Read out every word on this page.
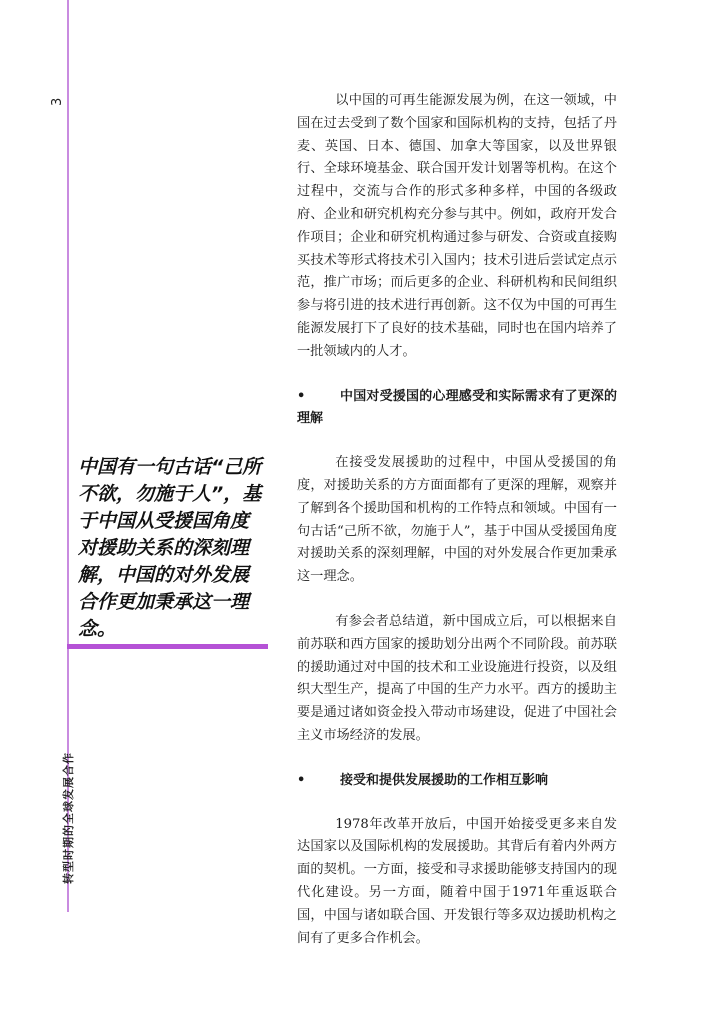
3
转型时期的全球发展合作
中国有一句古话“己所不欲，勿施于人”，基于中国从受援国角度对援助关系的深刻理解，中国的对外发展合作更加秉承这一理念。

以中国的可再生能源发展为例，在这一领域，中国在过去受到了数个国家和国际机构的支持，包括了丹麦、英国、日本、德国、加拿大等国家，以及世界银行、全球环境基金、联合国开发计划署等机构。在这个过程中，交流与合作的形式多种多样，中国的各级政府、企业和研究机构充分参与其中。例如，政府开发合作项目；企业和研究机构通过参与研发、合资或直接购买技术等形式将技术引入国内；技术引进后尝试定点示范，推广市场；而后更多的企业、科研机构和民间组织参与将引进的技术进行再创新。这不仅为中国的可再生能源发展打下了良好的技术基础，同时也在国内培养了一批领域内的人才。

•	中国对受援国的心理感受和实际需求有了更深的理解

在接受发展援助的过程中，中国从受援国的角度，对援助关系的方方面面都有了更深的理解，观察并了解到各个援助国和机构的工作特点和领域。中国有一句古话“己所不欲，勿施于人”，基于中国从受援国角度对援助关系的深刻理解，中国的对外发展合作更加秉承这一理念。

有参会者总结道，新中国成立后，可以根据来自前苏联和西方国家的援助划分出两个不同阶段。前苏联的援助通过对中国的技术和工业设施进行投资，以及组织大型生产，提高了中国的生产力水平。西方的援助主要是通过诸如资金投入带动市场建设，促进了中国社会主义市场经济的发展。

•	接受和提供发展援助的工作相互影响

1978年改革开放后，中国开始接受更多来自发达国家以及国际机构的发展援助。其背后有着内外两方面的契机。一方面，接受和寻求援助能够支持国内的现代化建设。另一方面，随着中国于1971年重返联合国，中国与诸如联合国、开发银行等多双边援助机构之间有了更多合作机会。
